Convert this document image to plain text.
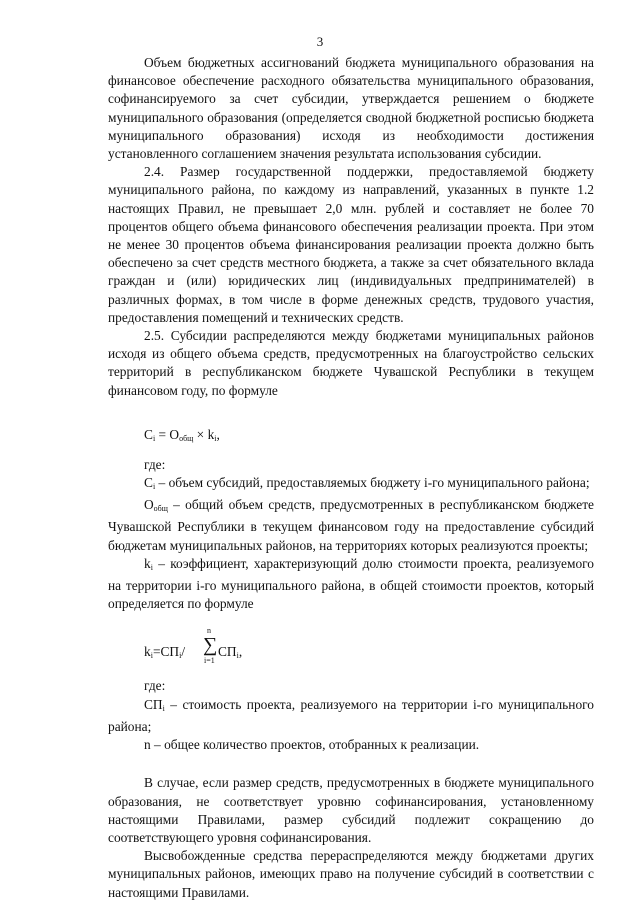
3

Объем бюджетных ассигнований бюджета муниципального образования на финансовое обеспечение расходного обязательства муниципального образования, софинансируемого за счет субсидии, утверждается решением о бюджете муниципального образования (определяется сводной бюджетной росписью бюджета муниципального образования) исходя из необходимости достижения установленного соглашением значения результата использования субсидии.

2.4. Размер государственной поддержки, предоставляемой бюджету муниципального района, по каждому из направлений, указанных в пункте 1.2 настоящих Правил, не превышает 2,0 млн. рублей и составляет не более 70 процентов общего объема финансового обеспечения реализации проекта. При этом не менее 30 процентов объема финансирования реализации проекта должно быть обеспечено за счет средств местного бюджета, а также за счет обязательного вклада граждан и (или) юридических лиц (индивидуальных предпринимателей) в различных формах, в том числе в форме денежных средств, трудового участия, предоставления помещений и технических средств.

2.5. Субсидии распределяются между бюджетами муниципальных районов исходя из общего объема средств, предусмотренных на благоустройство сельских территорий в республиканском бюджете Чувашской Республики в текущем финансовом году, по формуле

$C_i = O_{общ} \times k_i$,

где:

$C_i$ – объем субсидий, предоставляемых бюджету i-го муниципального района;

$O_{общ}$ – общий объем средств, предусмотренных в республиканском бюджете Чувашской Республики в текущем финансовом году на предоставление субсидий бюджетам муниципальных районов, на территориях которых реализуются проекты;

$k_i$ – коэффициент, характеризующий долю стоимости проекта, реализуемого на территории i-го муниципального района, в общей стоимости проектов, который определяется по формуле

$k_i=СП_i/$
n
∑
i=1
$СП_i$,

где:

$СП_i$ – стоимость проекта, реализуемого на территории i-го муниципального района;

n – общее количество проектов, отобранных к реализации.

В случае, если размер средств, предусмотренных в бюджете муниципального образования, не соответствует уровню софинансирования, установленному настоящими Правилами, размер субсидий подлежит сокращению до соответствующего уровня софинансирования.

Высвобожденные средства перераспределяются между бюджетами других муниципальных районов, имеющих право на получение субсидий в соответствии с настоящими Правилами.
